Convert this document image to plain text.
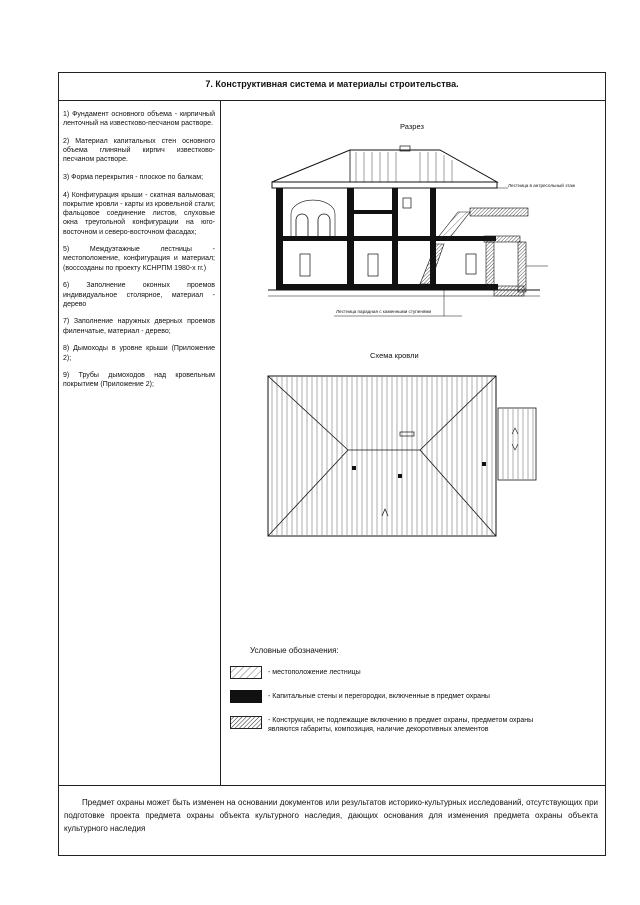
7. Конструктивная система и материалы строительства.

1) Фундамент основного объема - кирпичный ленточный на известково-песчаном растворе.

2) Материал капитальных стен основного объема глиняный кирпич известково-песчаном растворе.

3) Форма перекрытия - плоское по балкам;

4) Конфигурация крыши - скатная вальмовая; покрытие кровли - карты из кровельной стали; фальцовое соединение листов, слуховые окна треугольной конфигурации на юго-восточном и северо-восточном фасадах;

5) Междуэтажные лестницы - местоположение, конфигурация и материал; (воссозданы по проекту КСНРПМ 1980-х гг.)

6) Заполнение оконных проемов индивидуальное столярное, материал - дерево

7) Заполнение наружных дверных проемов филенчатые, материал - дерево;

8) Дымоходы в уровне крыши (Приложение 2);

9) Трубы дымоходов над кровельным покрытием (Приложение 2);

Разрез
Лестница в антресольный этаж
Лестница парадная с каменными ступенями
Схема кровли
Условные обозначения:
- местоположение лестницы
- Капитальные стены и перегородки, включенные в предмет охраны
- Конструкции, не подлежащие включению в предмет охраны, предметом охраны являются габариты, композиция, наличие декоротивных элементов
Предмет охраны может быть изменен на основании документов или результатов историко-культурных исследований, отсутствующих при подготовке проекта предмета охраны объекта культурного наследия, дающих основания для изменения предмета охраны объекта культурного наследия
